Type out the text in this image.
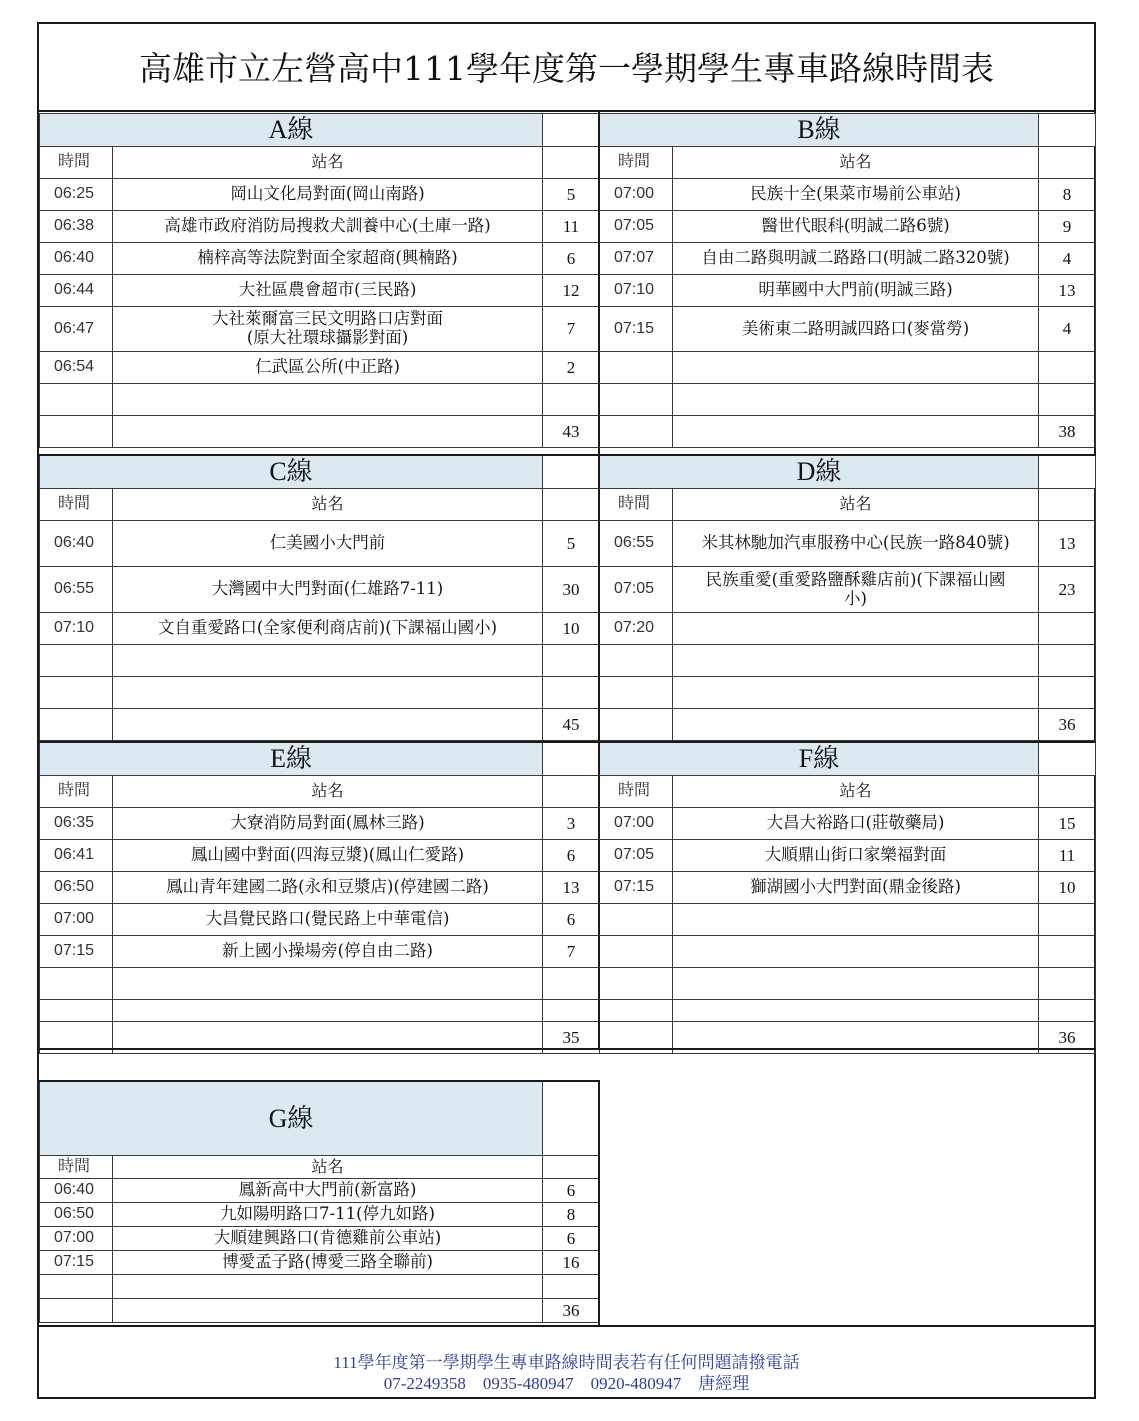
高雄市立左營高中111學年度第一學期學生專車路線時間表
A線		
時間	站名	
06:25	岡山文化局對面(岡山南路)	5
06:38	高雄市政府消防局搜救犬訓養中心(土庫一路)	11
06:40	楠梓高等法院對面全家超商(興楠路)	6
06:44	大社區農會超市(三民路)	12
06:47	大社萊爾富三民文明路口店對面
(原大社環球攝影對面)	7
06:54	仁武區公所(中正路)	2

		43
B線		
時間	站名	
07:00	民族十全(果菜市場前公車站)	8
07:05	醫世代眼科(明誠二路6號)	9
07:07	自由二路與明誠二路路口(明誠二路320號)	4
07:10	明華國中大門前(明誠三路)	13
07:15	美術東二路明誠四路口(麥當勞)	4

		38
C線		
時間	站名	
06:40	仁美國小大門前	5
06:55	大灣國中大門對面(仁雄路7-11)	30
07:10	文自重愛路口(全家便利商店前)(下課福山國小)	10

		45
D線		
時間	站名	
06:55	米其林馳加汽車服務中心(民族一路840號)	13
07:05	民族重愛(重愛路鹽酥雞店前)(下課福山國
小)	23
07:20	

		36
E線		
時間	站名	
06:35	大寮消防局對面(鳳林三路)	3
06:41	鳳山國中對面(四海豆漿)(鳳山仁愛路)	6
06:50	鳳山青年建國二路(永和豆漿店)(停建國二路)	13
07:00	大昌覺民路口(覺民路上中華電信)	6
07:15	新上國小操場旁(停自由二路)	7

		35
F線		
時間	站名	
07:00	大昌大裕路口(莊敬藥局)	15
07:05	大順鼎山街口家樂福對面	11
07:15	獅湖國小大門對面(鼎金後路)	10

		36
G線		
時間	站名	
06:40	鳳新高中大門前(新富路)	6
06:50	九如陽明路口7-11(停九如路)	8
07:00	大順建興路口(肯德雞前公車站)	6
07:15	博愛孟子路(博愛三路全聯前)	16

		36
111學年度第一學期學生專車路線時間表若有任何問題請撥電話
07-2249358　0935-480947　0920-480947　唐經理
